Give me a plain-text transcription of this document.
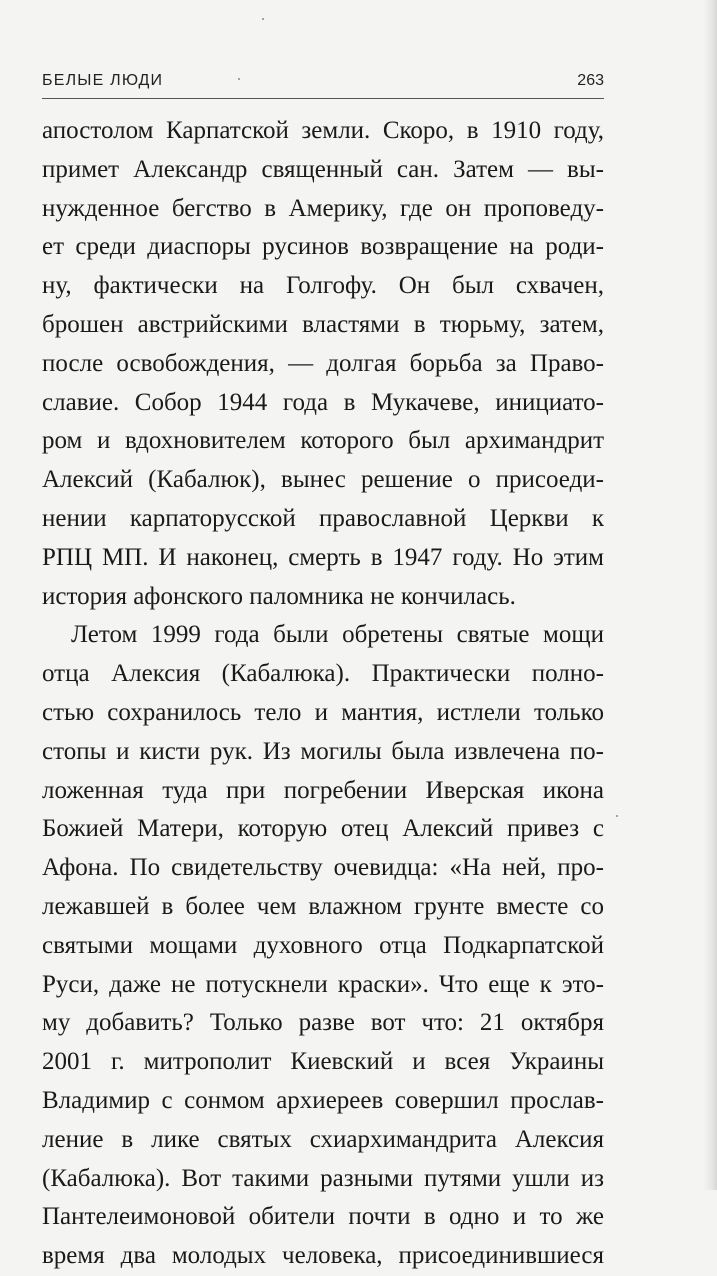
БЕЛЫЕ ЛЮДИ	263
апостолом Карпатской земли. Скоро, в 1910 году,
примет Александр священный сан. Затем — вы-
нужденное бегство в Америку, где он проповеду-
ет среди диаспоры русинов возвращение на роди-
ну, фактически на Голгофу. Он был схвачен,
брошен австрийскими властями в тюрьму, затем,
после освобождения, — долгая борьба за Право-
славие. Собор 1944 года в Мукачеве, инициато-
ром и вдохновителем которого был архимандрит
Алексий (Кабалюк), вынес решение о присоеди-
нении карпаторусской православной Церкви к
РПЦ МП. И наконец, смерть в 1947 году. Но этим
история афонского паломника не кончилась.
Летом 1999 года были обретены святые мощи
отца Алексия (Кабалюка). Практически полно-
стью сохранилось тело и мантия, истлели только
стопы и кисти рук. Из могилы была извлечена по-
ложенная туда при погребении Иверская икона
Божией Матери, которую отец Алексий привез с
Афона. По свидетельству очевидца: «На ней, про-
лежавшей в более чем влажном грунте вместе со
святыми мощами духовного отца Подкарпатской
Руси, даже не потускнели краски». Что еще к это-
му добавить? Только разве вот что: 21 октября
2001 г. митрополит Киевский и всея Украины
Владимир с сонмом архиереев совершил прослав-
ление в лике святых схиархимандрита Алексия
(Кабалюка). Вот такими разными путями ушли из
Пантелеимоновой обители почти в одно и то же
время два молодых человека, присоединившиеся
